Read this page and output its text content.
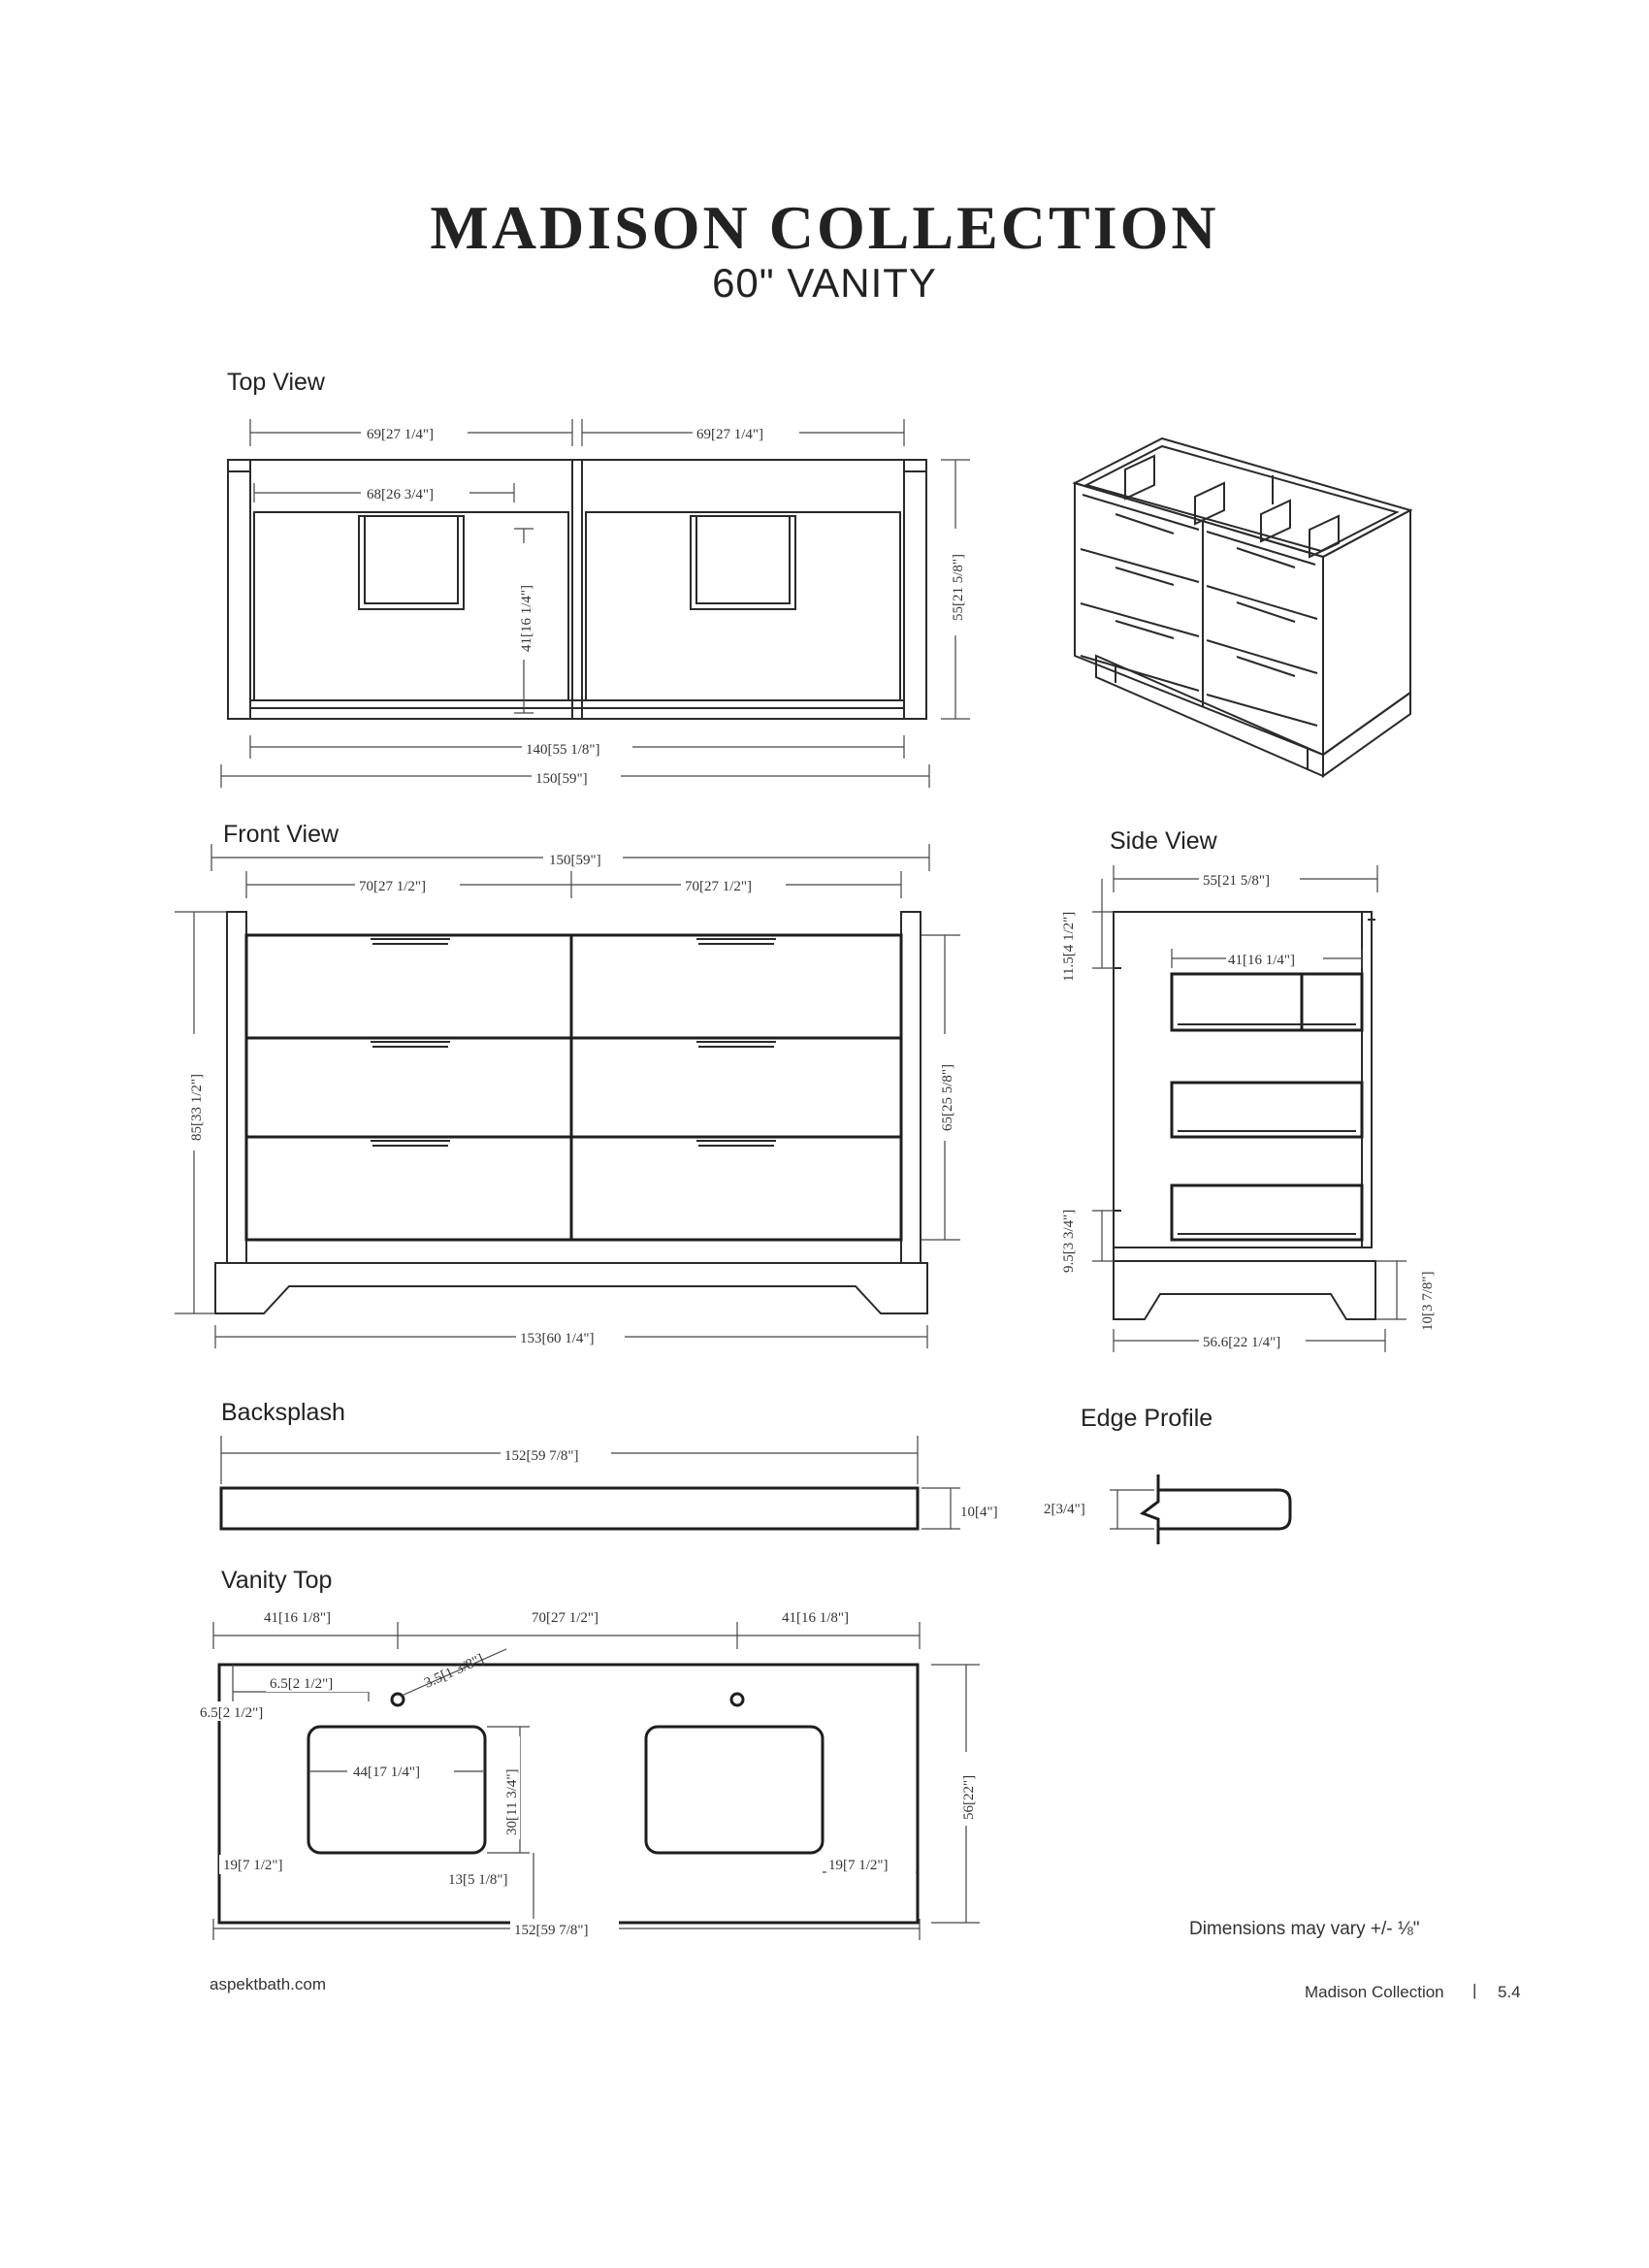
MADISON COLLECTION
60" VANITY
Top View
Front View	Side View
Backsplash	Edge Profile
Vanity Top
Dimensions may vary +/- ⅛"
aspektbath.com	Madison Collection | 5.4
69[27 1/4"]	69[27 1/4"]
68[26 3/4"]
41[16 1/4"]	55[21 5/8"]
140[55 1/8"]
150[59"]
150[59"]
70[27 1/2"]	70[27 1/2"]
85[33 1/2"]	65[25 5/8"]
153[60 1/4"]
55[21 5/8"]
11.5[4 1/2"]	41[16 1/4"]
9.5[3 3/4"]
56.6[22 1/4"]
10[3 7/8"]
152[59 7/8"]
10[4"]	2[3/4"]
41[16 1/8"]	70[27 1/2"]	41[16 1/8"]
6.5[2 1/2"]	3.5[1 3/8"]
6.5[2 1/2"]
44[17 1/4"]	30[11 3/4"]
19[7 1/2"]
13[5 1/8"]
19[7 1/2"]
56[22"]
152[59 7/8"]
